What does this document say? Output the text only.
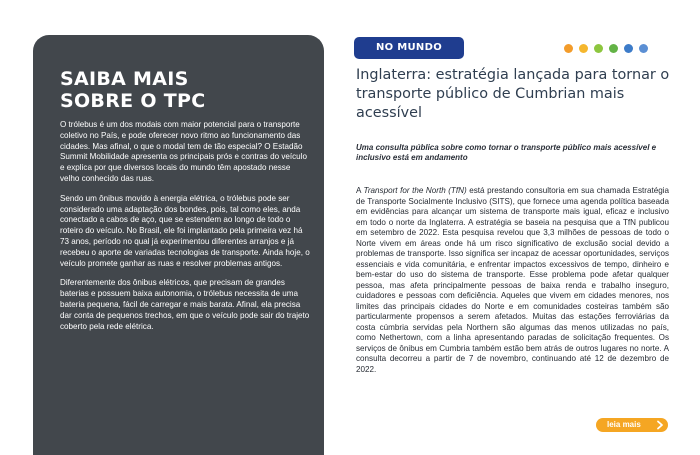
SAIBA MAIS
SOBRE O TPC

O trólebus é um dos modais com maior potencial para o transporte coletivo no País, e pode oferecer novo ritmo ao funcionamento das cidades. Mas afinal, o que o modal tem de tão especial? O Estadão Summit Mobilidade apresenta os principais prós e contras do veículo e explica por que diversos locais do mundo têm apostado nesse velho conhecido das ruas.

Sendo um ônibus movido à energia elétrica, o trólebus pode ser considerado uma adaptação dos bondes, pois, tal como eles, anda conectado a cabos de aço, que se estendem ao longo de todo o roteiro do veículo. No Brasil, ele foi implantado pela primeira vez há 73 anos, período no qual já experimentou diferentes arranjos e já recebeu o aporte de variadas tecnologias de transporte. Ainda hoje, o veículo promete ganhar as ruas e resolver problemas antigos.

Diferentemente dos ônibus elétricos, que precisam de grandes baterias e possuem baixa autonomia, o trólebus necessita de uma bateria pequena, fácil de carregar e mais barata. Afinal, ela precisa dar conta de pequenos trechos, em que o veículo pode sair do trajeto coberto pela rede elétrica.

NO MUNDO
Inglaterra: estratégia lançada para tornar o transporte público de Cumbrian mais acessível

Uma consulta pública sobre como tornar o transporte público mais acessível e inclusivo está em andamento

A Transport for the North (TfN) está prestando consultoria em sua chamada Estratégia de Transporte Socialmente Inclusivo (SITS), que fornece uma agenda política baseada em evidências para alcançar um sistema de transporte mais igual, eficaz e inclusivo em todo o norte da Inglaterra. A estratégia se baseia na pesquisa que a TfN publicou em setembro de 2022. Esta pesquisa revelou que 3,3 milhões de pessoas de todo o Norte vivem em áreas onde há um risco significativo de exclusão social devido a problemas de transporte. Isso significa ser incapaz de acessar oportunidades, serviços essenciais e vida comunitária, e enfrentar impactos excessivos de tempo, dinheiro e bem-estar do uso do sistema de transporte. Esse problema pode afetar qualquer pessoa, mas afeta principalmente pessoas de baixa renda e trabalho inseguro, cuidadores e pessoas com deficiência. Aqueles que vivem em cidades menores, nos limites das principais cidades do Norte e em comunidades costeiras também são particularmente propensos a serem afetados. Muitas das estações ferroviárias da costa cúmbria servidas pela Northern são algumas das menos utilizadas no país, como Nethertown, com a linha apresentando paradas de solicitação frequentes. Os serviços de ônibus em Cumbria também estão bem atrás de outros lugares no norte. A consulta decorreu a partir de 7 de novembro, continuando até 12 de dezembro de 2022.

leia mais
